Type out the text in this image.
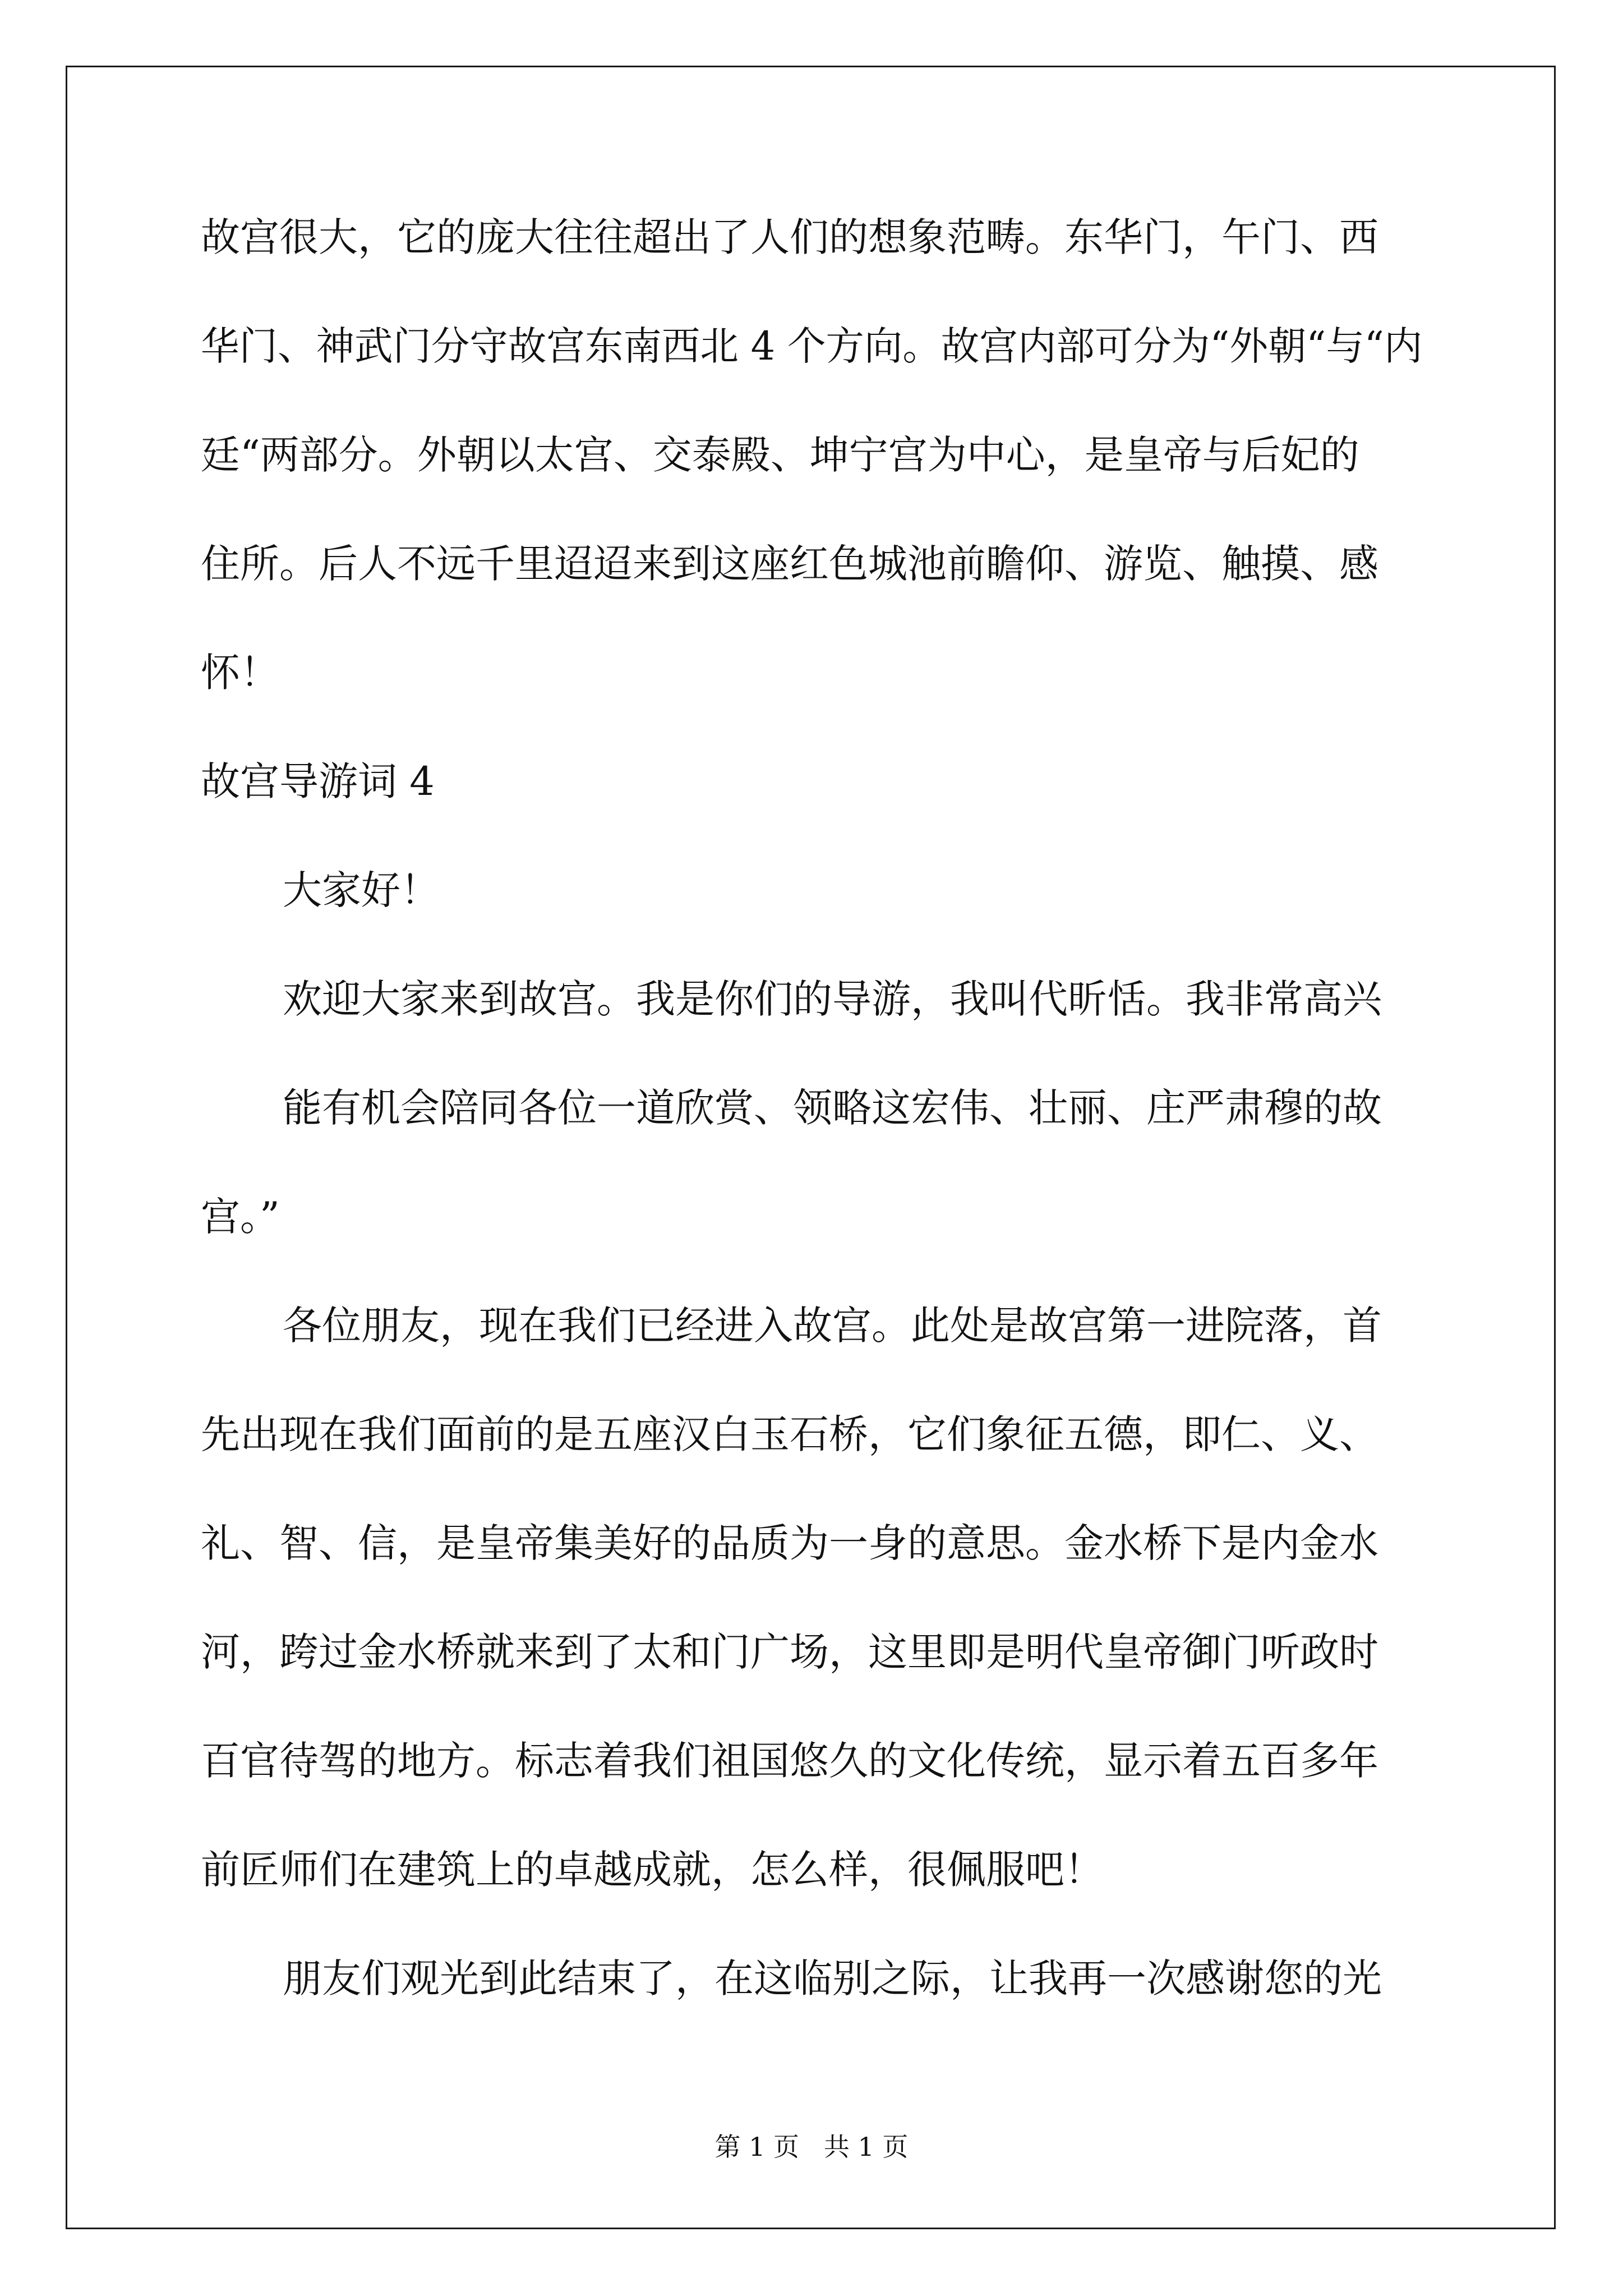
故宫很大，它的庞大往往超出了人们的想象范畴。东华门，午门、西
华门、神武门分守故宫东南西北 4 个方向。故宫内部可分为“外朝“与“内
廷“两部分。外朝以太宫、交泰殿、坤宁宫为中心，是皇帝与后妃的
住所。后人不远千里迢迢来到这座红色城池前瞻仰、游览、触摸、感
怀！
故宫导游词 4
大家好！
欢迎大家来到故宫。我是你们的导游，我叫代昕恬。我非常高兴
能有机会陪同各位一道欣赏、领略这宏伟、壮丽、庄严肃穆的故
宫。”
各位朋友，现在我们已经进入故宫。此处是故宫第一进院落，首
先出现在我们面前的是五座汉白玉石桥，它们象征五德，即仁、义、
礼、智、信，是皇帝集美好的品质为一身的意思。金水桥下是内金水
河，跨过金水桥就来到了太和门广场，这里即是明代皇帝御门听政时
百官待驾的地方。标志着我们祖国悠久的文化传统，显示着五百多年
前匠师们在建筑上的卓越成就，怎么样，很佩服吧！
朋友们观光到此结束了，在这临别之际，让我再一次感谢您的光
第 1 页   共 1 页
